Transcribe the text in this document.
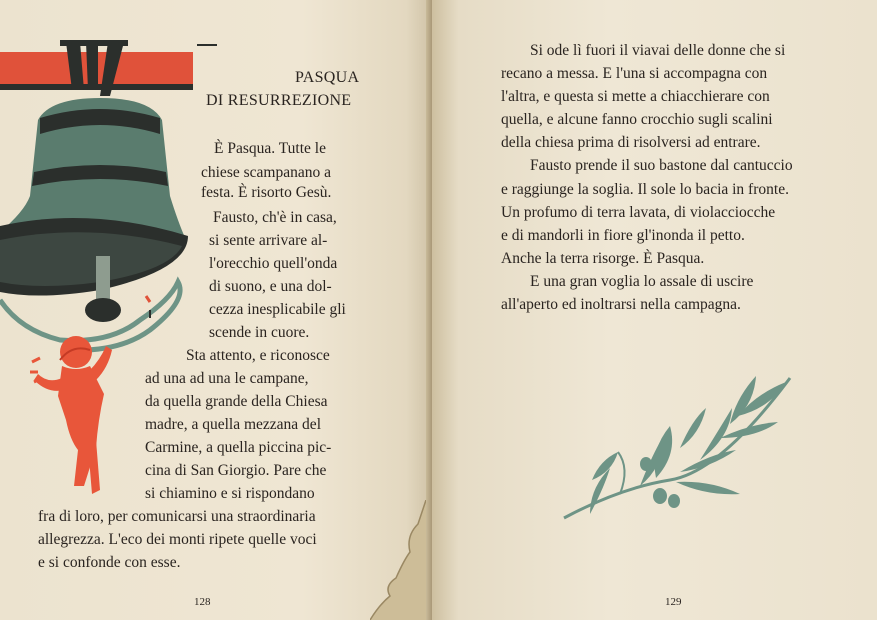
PASQUA
DI RESURREZIONE
È Pasqua. Tutte le
chiese scampanano a
festa. È risorto Gesù.
Fausto, ch'è in casa,
si sente arrivare al-
l'orecchio quell'onda
di suono, e una dol-
cezza inesplicabile gli
scende in cuore.
Sta attento, e riconosce
ad una ad una le campane,
da quella grande della Chiesa
madre, a quella mezzana del
Carmine, a quella piccina pic-
cina di San Giorgio. Pare che
si chiamino e si rispondano
fra di loro, per comunicarsi una straordinaria
allegrezza. L'eco dei monti ripete quelle voci
e si confonde con esse.
128
Si ode lì fuori il viavai delle donne che si
recano a messa. E l'una si accompagna con
l'altra, e questa si mette a chiacchierare con
quella, e alcune fanno crocchio sugli scalini
della chiesa prima di risolversi ad entrare.
Fausto prende il suo bastone dal cantuccio
e raggiunge la soglia. Il sole lo bacia in fronte.
Un profumo di terra lavata, di violacciocche
e di mandorli in fiore gl'inonda il petto.
Anche la terra risorge. È Pasqua.
E una gran voglia lo assale di uscire
all'aperto ed inoltrarsi nella campagna.
129
